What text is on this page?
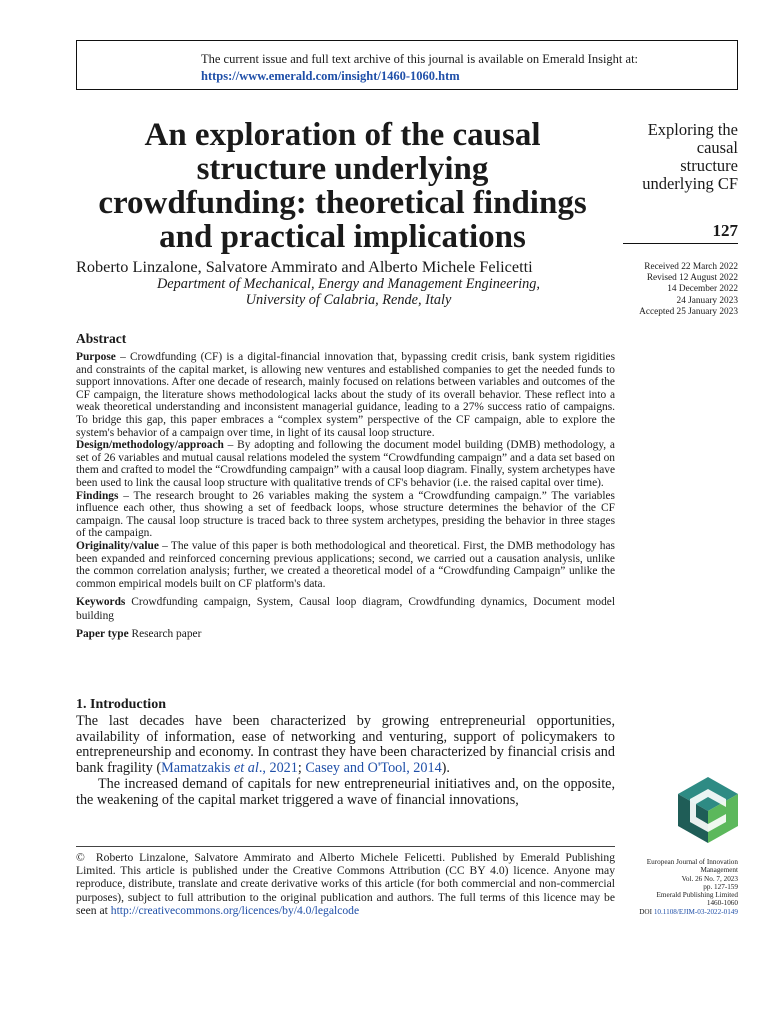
The current issue and full text archive of this journal is available on Emerald Insight at:
https://www.emerald.com/insight/1460-1060.htm
An exploration of the causal
structure underlying
crowdfunding: theoretical findings
and practical implications
Exploring the
causal
structure
underlying CF
127
Received 22 March 2022
Revised 12 August 2022
14 December 2022
24 January 2023
Accepted 25 January 2023
Roberto Linzalone, Salvatore Ammirato and Alberto Michele Felicetti
Department of Mechanical, Energy and Management Engineering,
University of Calabria, Rende, Italy
Abstract

Purpose – Crowdfunding (CF) is a digital-financial innovation that, bypassing credit crisis, bank system rigidities and constraints of the capital market, is allowing new ventures and established companies to get the needed funds to support innovations. After one decade of research, mainly focused on relations between variables and outcomes of the CF campaign, the literature shows methodological lacks about the study of its overall behavior. These reflect into a weak theoretical understanding and inconsistent managerial guidance, leading to a 27% success ratio of campaigns. To bridge this gap, this paper embraces a “complex system” perspective of the CF campaign, able to explore the system's behavior of a campaign over time, in light of its causal loop structure.

Design/methodology/approach – By adopting and following the document model building (DMB) methodology, a set of 26 variables and mutual causal relations modeled the system “Crowdfunding campaign” and a data set based on them and crafted to model the “Crowdfunding campaign” with a causal loop diagram. Finally, system archetypes have been used to link the causal loop structure with qualitative trends of CF's behavior (i.e. the raised capital over time).

Findings – The research brought to 26 variables making the system a “Crowdfunding campaign.” The variables influence each other, thus showing a set of feedback loops, whose structure determines the behavior of the CF campaign. The causal loop structure is traced back to three system archetypes, presiding the behavior in three stages of the campaign.

Originality/value – The value of this paper is both methodological and theoretical. First, the DMB methodology has been expanded and reinforced concerning previous applications; second, we carried out a causation analysis, unlike the common correlation analysis; further, we created a theoretical model of a “Crowdfunding Campaign” unlike the common empirical models built on CF platform's data.

Keywords Crowdfunding campaign, System, Causal loop diagram, Crowdfunding dynamics, Document model building

Paper type Research paper

1. Introduction

The last decades have been characterized by growing entrepreneurial opportunities, availability of information, ease of networking and venturing, support of policymakers to entrepreneurship and economy. In contrast they have been characterized by financial crisis and bank fragility (Mamatzakis et al., 2021; Casey and O'Tool, 2014).

The increased demand of capitals for new entrepreneurial initiatives and, on the opposite, the weakening of the capital market triggered a wave of financial innovations,

© Roberto Linzalone, Salvatore Ammirato and Alberto Michele Felicetti. Published by Emerald Publishing Limited. This article is published under the Creative Commons Attribution (CC BY 4.0) licence. Anyone may reproduce, distribute, translate and create derivative works of this article (for both commercial and non-commercial purposes), subject to full attribution to the original publication and authors. The full terms of this licence may be seen at http://creativecommons.org/licences/by/4.0/legalcode
European Journal of Innovation
Management
Vol. 26 No. 7, 2023
pp. 127-159
Emerald Publishing Limited
1460-1060
DOI 10.1108/EJIM-03-2022-0149
